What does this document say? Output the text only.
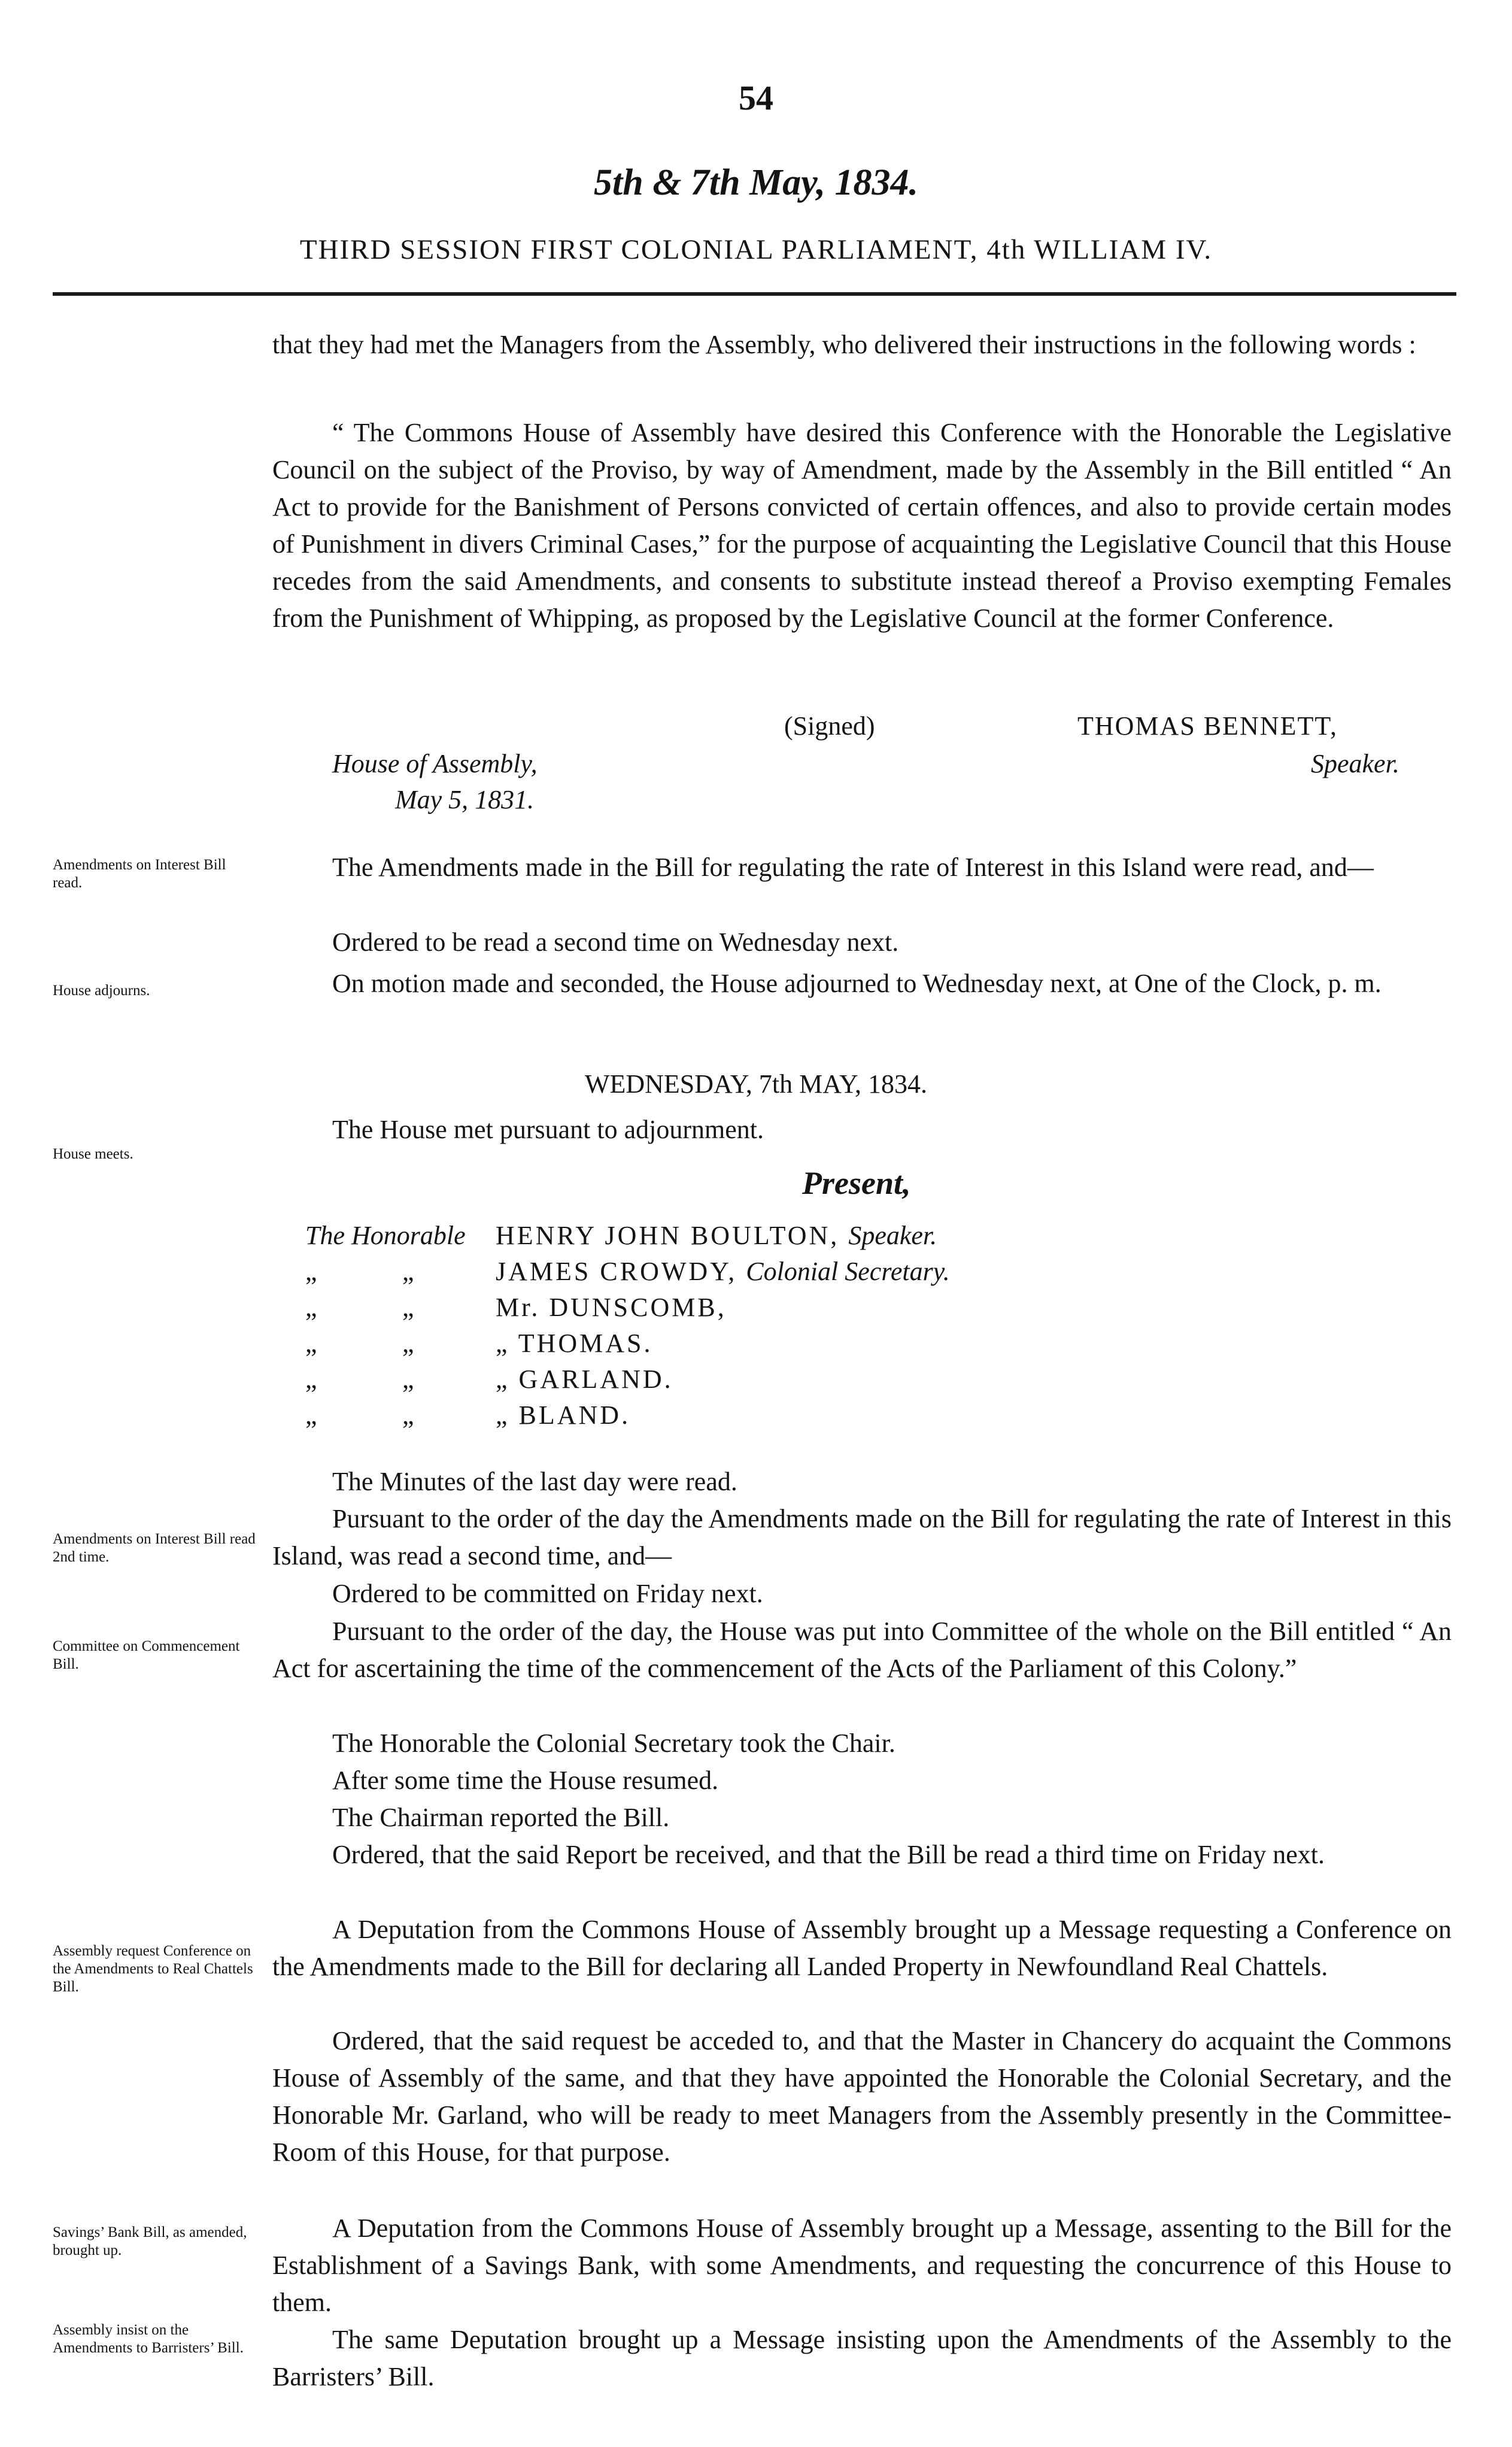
54
5th & 7th May, 1834.
THIRD SESSION FIRST COLONIAL PARLIAMENT, 4th WILLIAM IV.
that they had met the Managers from the Assembly, who delivered their instructions in the following words :
“ The Commons House of Assembly have desired this Conference with the Honorable the Legislative Council on the subject of the Proviso, by way of Amendment, made by the Assembly in the Bill entitled “ An Act to provide for the Banishment of Persons convicted of certain offences, and also to provide certain modes of Punishment in divers Criminal Cases,” for the purpose of acquainting the Legislative Council that this House recedes from the said Amendments, and consents to substitute instead thereof a Proviso exempting Females from the Punishment of Whipping, as proposed by the Legislative Council at the former Conference.
(Signed)	THOMAS BENNETT,
Speaker.
House of Assembly,
May 5, 1831.
Amendments on Interest Bill read.
The Amendments made in the Bill for regulating the rate of Interest in this Island were read, and—
Ordered to be read a second time on Wednesday next.
House adjourns.	On motion made and seconded, the House adjourned to Wednesday next, at One of the Clock, p. m.
WEDNESDAY, 7th MAY, 1834.
House meets.
The House met pursuant to adjournment.
Present,
The Honorable HENRY JOHN BOULTON, Speaker.
„	„	JAMES CROWDY, Colonial Secretary.
„	„	Mr. DUNSCOMB,
„	„	„ THOMAS.
„	„	„ GARLAND.
„	„	„ BLAND.
The Minutes of the last day were read.
Amendments on Interest Bill read 2nd time.
Pursuant to the order of the day the Amendments made on the Bill for regulating the rate of Interest in this Island, was read a second time, and—
Ordered to be committed on Friday next.
Committee on Commencement Bill.
Pursuant to the order of the day, the House was put into Committee of the whole on the Bill entitled “ An Act for ascertaining the time of the commencement of the Acts of the Parliament of this Colony.”
The Honorable the Colonial Secretary took the Chair.
After some time the House resumed.
The Chairman reported the Bill.
Ordered, that the said Report be received, and that the Bill be read a third time on Friday next.
Assembly request Conference on the Amendments to Real Chattels Bill.
A Deputation from the Commons House of Assembly brought up a Message requesting a Conference on the Amendments made to the Bill for declaring all Landed Property in Newfoundland Real Chattels.
Ordered, that the said request be acceded to, and that the Master in Chancery do acquaint the Commons House of Assembly of the same, and that they have appointed the Honorable the Colonial Secretary, and the Honorable Mr. Garland, who will be ready to meet Managers from the Assembly presently in the Committee-Room of this House, for that purpose.
Savings’ Bank Bill, as amended, brought up.
A Deputation from the Commons House of Assembly brought up a Message, assenting to the Bill for the Establishment of a Savings Bank, with some Amendments, and requesting the concurrence of this House to them.
Assembly insist on the Amendments to Barristers’ Bill.	The same Deputation brought up a Message insisting upon the Amendments of the Assembly to the Barristers’ Bill.
